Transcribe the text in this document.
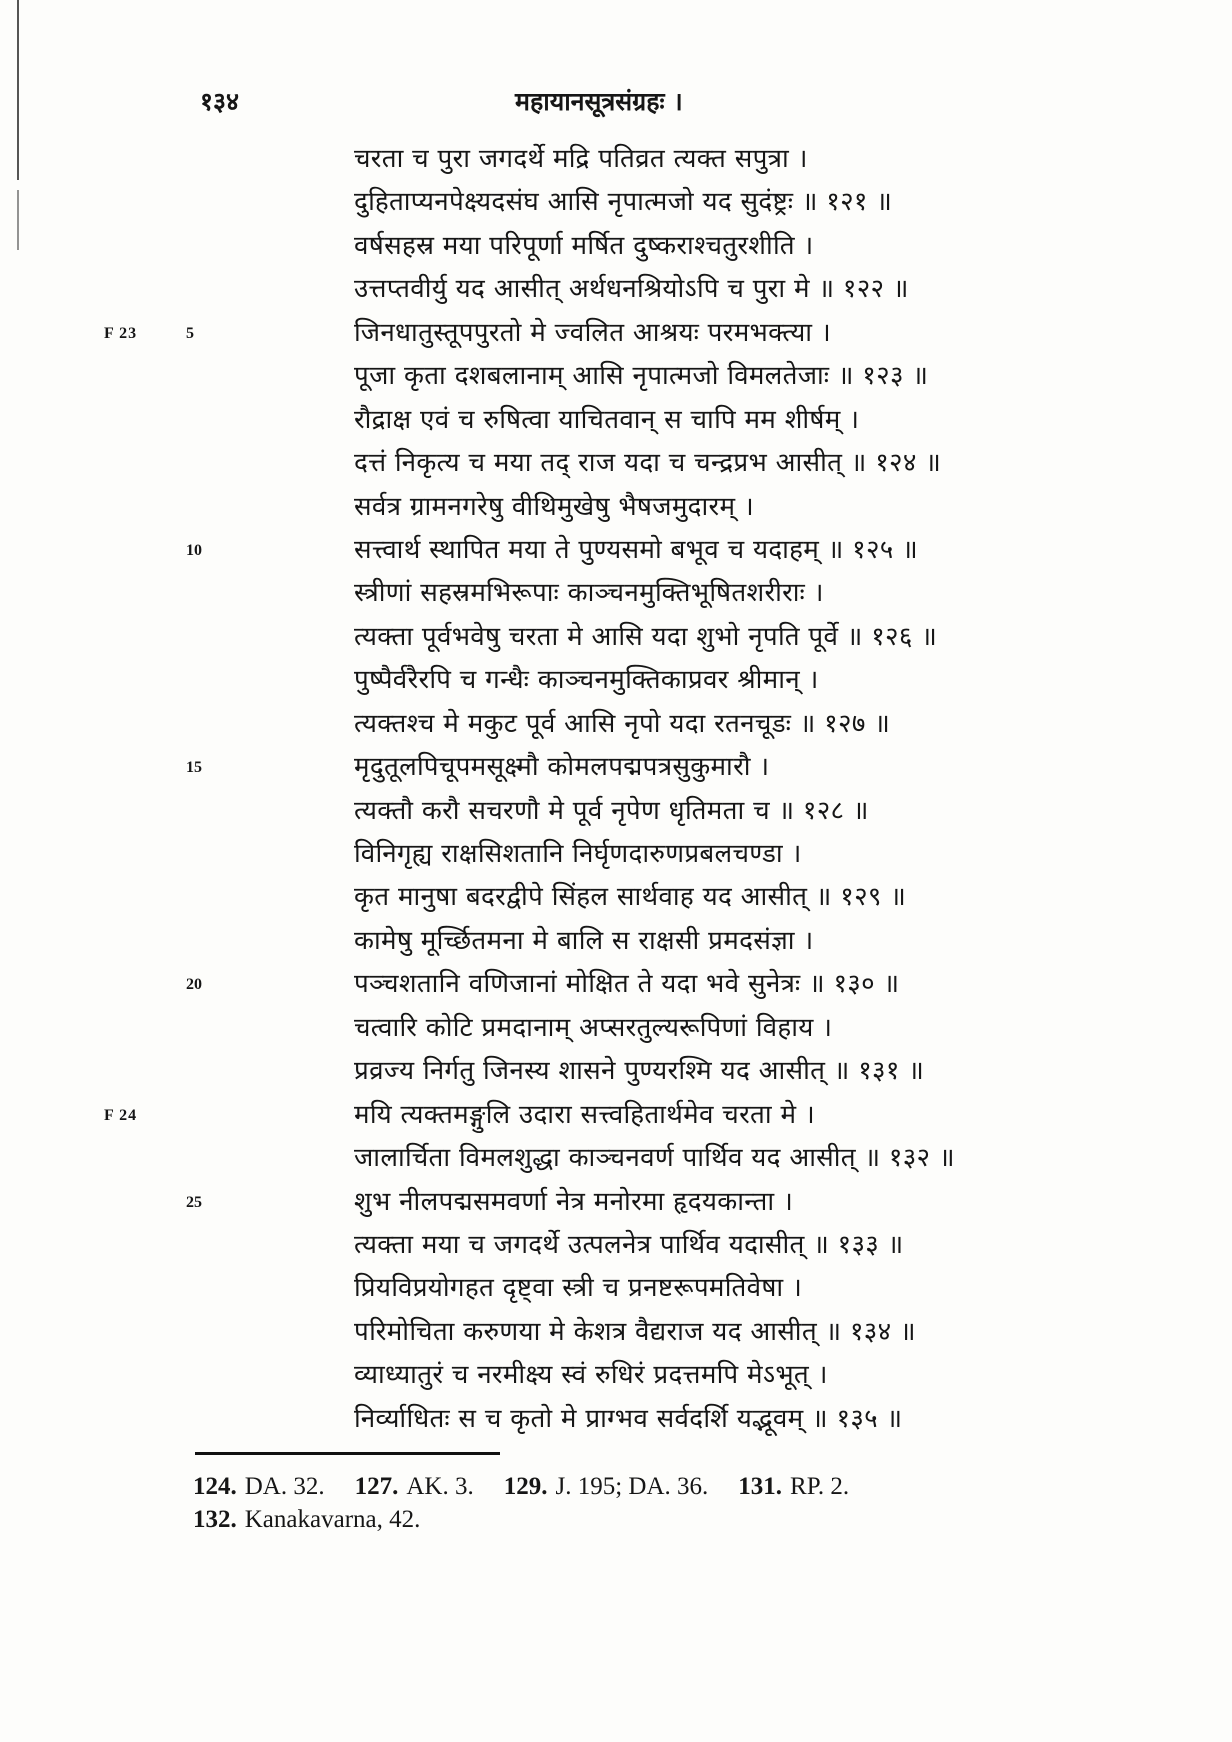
१३४	महायानसूत्रसंग्रहः ।
चरता च पुरा जगदर्थे मद्रि पतिव्रत त्यक्त सपुत्रा ।
दुहिताप्यनपेक्ष्यदसंघ आसि नृपात्मजो यद सुदंष्ट्रः ॥ १२१ ॥
वर्षसहस्र मया परिपूर्णा मर्षित दुष्कराश्चतुरशीति ।
उत्तप्तवीर्यु यद आसीत् अर्थधनश्रियोऽपि च पुरा मे ॥ १२२ ॥
F 23	5	जिनधातुस्तूपपुरतो मे ज्वलित आश्रयः परमभक्त्या ।
पूजा कृता दशबलानाम् आसि नृपात्मजो विमलतेजाः ॥ १२३ ॥
रौद्राक्ष एवं च रुषित्वा याचितवान् स चापि मम शीर्षम् ।
दत्तं निकृत्य च मया तद् राज यदा च चन्द्रप्रभ आसीत् ॥ १२४ ॥
सर्वत्र ग्रामनगरेषु वीथिमुखेषु भैषजमुदारम् ।
10	सत्त्वार्थ स्थापित मया ते पुण्यसमो बभूव च यदाहम् ॥ १२५ ॥
स्त्रीणां सहस्रमभिरूपाः काञ्चनमुक्तिभूषितशरीराः ।
त्यक्ता पूर्वभवेषु चरता मे आसि यदा शुभो नृपति पूर्वे ॥ १२६ ॥
पुष्पैर्वरैरपि च गन्धैः काञ्चनमुक्तिकाप्रवर श्रीमान् ।
त्यक्तश्च मे मकुट पूर्व आसि नृपो यदा रतनचूडः ॥ १२७ ॥
15	मृदुतूलपिचूपमसूक्ष्मौ कोमलपद्मपत्रसुकुमारौ ।
त्यक्तौ करौ सचरणौ मे पूर्व नृपेण धृतिमता च ॥ १२८ ॥
विनिगृह्य राक्षसिशतानि निर्घृणदारुणप्रबलचण्डा ।
कृत मानुषा बदरद्वीपे सिंहल सार्थवाह यद आसीत् ॥ १२९ ॥
कामेषु मूर्च्छितमना मे बालि स राक्षसी प्रमदसंज्ञा ।
20	पञ्चशतानि वणिजानां मोक्षित ते यदा भवे सुनेत्रः ॥ १३० ॥
चत्वारि कोटि प्रमदानाम् अप्सरतुल्यरूपिणां विहाय ।
प्रव्रज्य निर्गतु जिनस्य शासने पुण्यरश्मि यद आसीत् ॥ १३१ ॥
F 24	मयि त्यक्तमङ्गुलि उदारा सत्त्वहितार्थमेव चरता मे ।
जालार्चिता विमलशुद्धा काञ्चनवर्ण पार्थिव यद आसीत् ॥ १३२ ॥
25	शुभ नीलपद्मसमवर्णा नेत्र मनोरमा हृदयकान्ता ।
त्यक्ता मया च जगदर्थे उत्पलनेत्र पार्थिव यदासीत् ॥ १३३ ॥
प्रियविप्रयोगहत दृष्ट्वा स्त्री च प्रनष्टरूपमतिवेषा ।
परिमोचिता करुणया मे केशत्र वैद्यराज यद आसीत् ॥ १३४ ॥
व्याध्यातुरं च नरमीक्ष्य स्वं रुधिरं प्रदत्तमपि मेऽभूत् ।
निर्व्याधितः स च कृतो मे प्राग्भव सर्वदर्शि यद्भूवम् ॥ १३५ ॥
124. DA. 32. 127. AK. 3. 129. J. 195; DA. 36. 131. RP. 2.
132. Kanakavarna, 42.
